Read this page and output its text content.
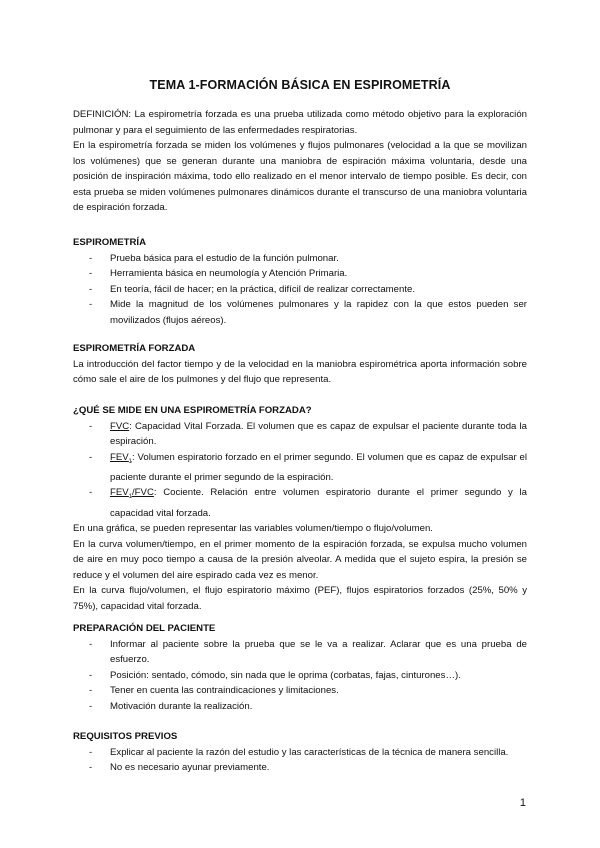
TEMA 1-FORMACIÓN BÁSICA EN ESPIROMETRÍA

DEFINICIÓN: La espirometría forzada es una prueba utilizada como método objetivo para la exploración pulmonar y para el seguimiento de las enfermedades respiratorias.

En la espirometría forzada se miden los volúmenes y flujos pulmonares (velocidad a la que se movilizan los volúmenes) que se generan durante una maniobra de espiración máxima voluntaria, desde una posición de inspiración máxima, todo ello realizado en el menor intervalo de tiempo posible. Es decir, con esta prueba se miden volúmenes pulmonares dinámicos durante el transcurso de una maniobra voluntaria de espiración forzada.

ESPIROMETRÍA

- Prueba básica para el estudio de la función pulmonar.
- Herramienta básica en neumología y Atención Primaria.
- En teoría, fácil de hacer; en la práctica, difícil de realizar correctamente.
- Mide la magnitud de los volúmenes pulmonares y la rapidez con la que estos pueden ser movilizados (flujos aéreos).

ESPIROMETRÍA FORZADA

La introducción del factor tiempo y de la velocidad en la maniobra espirométrica aporta información sobre cómo sale el aire de los pulmones y del flujo que representa.

¿QUÉ SE MIDE EN UNA ESPIROMETRÍA FORZADA?

- FVC: Capacidad Vital Forzada. El volumen que es capaz de expulsar el paciente durante toda la espiración.
- $FEV_1$: Volumen espiratorio forzado en el primer segundo. El volumen que es capaz de expulsar el paciente durante el primer segundo de la espiración.
- $FEV_1$/FVC: Cociente. Relación entre volumen espiratorio durante el primer segundo y la capacidad vital forzada.

En una gráfica, se pueden representar las variables volumen/tiempo o flujo/volumen.

En la curva volumen/tiempo, en el primer momento de la espiración forzada, se expulsa mucho volumen de aire en muy poco tiempo a causa de la presión alveolar. A medida que el sujeto espira, la presión se reduce y el volumen del aire espirado cada vez es menor.

En la curva flujo/volumen, el flujo espiratorio máximo (PEF), flujos espiratorios forzados (25%, 50% y 75%), capacidad vital forzada.

PREPARACIÓN DEL PACIENTE

- Informar al paciente sobre la prueba que se le va a realizar. Aclarar que es una prueba de esfuerzo.
- Posición: sentado, cómodo, sin nada que le oprima (corbatas, fajas, cinturones…).
- Tener en cuenta las contraindicaciones y limitaciones.
- Motivación durante la realización.

REQUISITOS PREVIOS

- Explicar al paciente la razón del estudio y las características de la técnica de manera sencilla.
- No es necesario ayunar previamente.
1
